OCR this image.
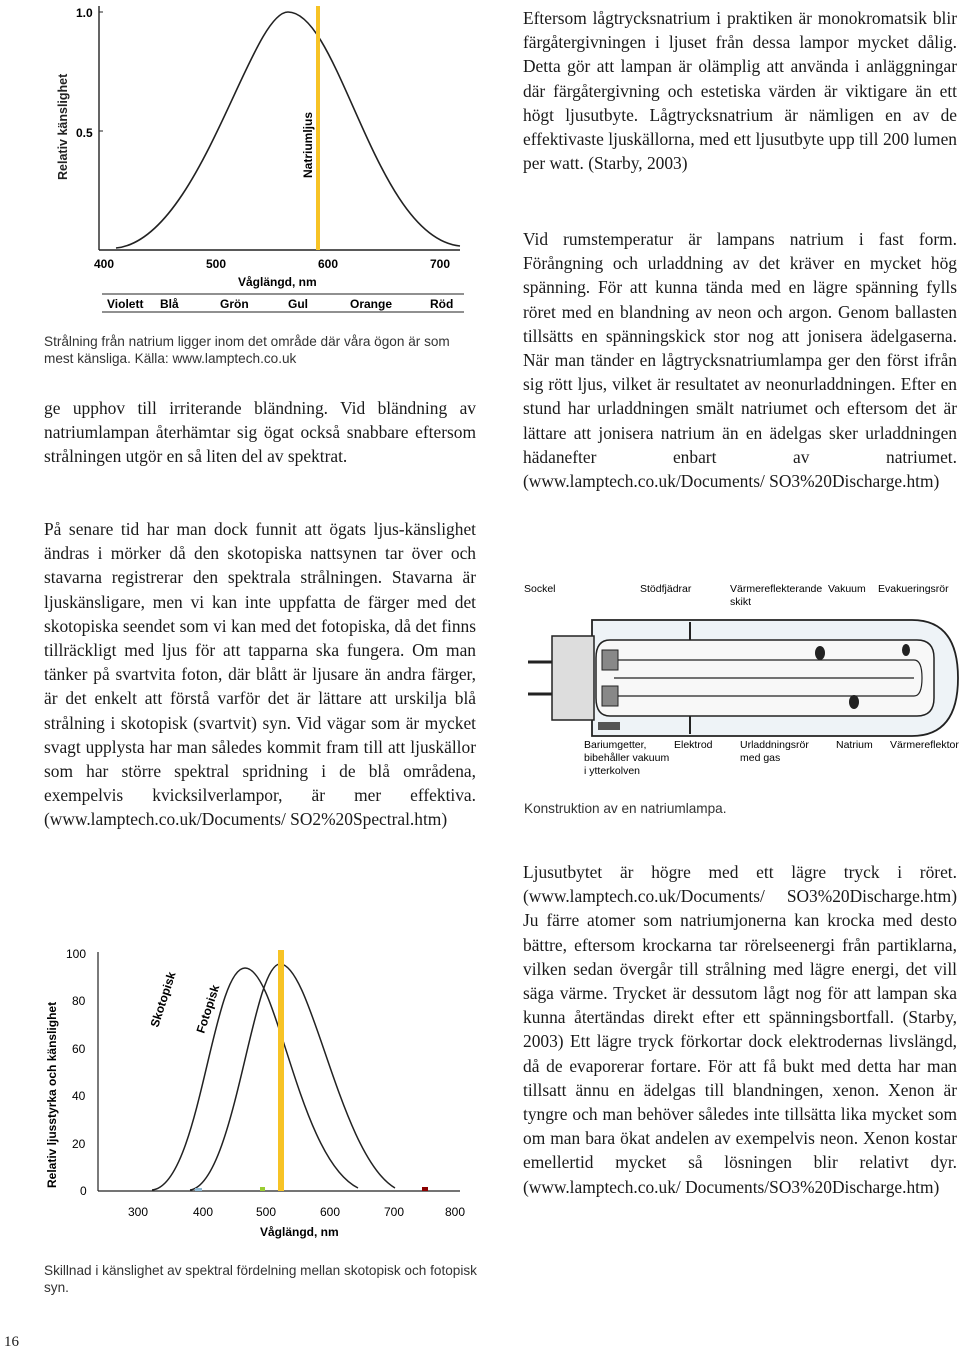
Relativ känslighet
1.0
0.5	Natriumljus
400	500	600	700
Våglängd, nm
Violett Blå	Grön	Gul	Orange	Röd

Strålning från natrium ligger inom det område där våra ögon är som mest känsliga. Källa: www.lamptech.co.uk

ge upphov till irriterande bländning. Vid bländning av natriumlampan återhämtar sig ögat också snabbare eftersom strålningen utgör en så liten del av spektrat.

På senare tid har man dock funnit att ögats ljus-känslighet ändras i mörker då den skotopiska nattsynen tar över och stavarna registrerar den spektrala strålningen. Stavarna är ljuskänsligare, men vi kan inte uppfatta de färger med det skotopiska seendet som vi kan med det fotopiska, då det finns tillräckligt med ljus för att tapparna ska fungera. Om man tänker på svartvita foton, där blått är ljusare än andra färger, är det enkelt att förstå varför det är lättare att urskilja blå strålning i skotopisk (svartvit) syn. Vid vägar som är mycket svagt upplysta har man således kommit fram till att ljuskällor som har större spektral spridning i de blå områdena, exempelvis kvicksilverlampor, är mer effektiva. (www.lamptech.co.uk/Documents/ SO2%20Spectral.htm)

Relativ ljusstyrka och känslighet
100
80
60
40
20
0
Skotopisk Fotopisk
300	400	500	600	700	800
Våglängd, nm

Skillnad i känslighet av spektral fördelning mellan skotopisk och fotopisk syn.

Eftersom lågtrycksnatrium i praktiken är monokromatsik blir färgåtergivningen i ljuset från dessa lampor mycket dålig. Detta gör att lampan är olämplig att använda i anläggningar där färgåtergivning och estetiska värden är viktigare än ett högt ljusutbyte. Lågtrycksnatrium är nämligen en av de effektivaste ljuskällorna, med ett ljusutbyte upp till 200 lumen per watt. (Starby, 2003)

Vid rumstemperatur är lampans natrium i fast form. Förångning och urladdning av det kräver en mycket hög spänning. För att kunna tända med en lägre spänning fylls röret med en blandning av neon och argon. Genom ballasten tillsätts en spänningskick stor nog att jonisera ädelgaserna. När man tänder en lågtrycksnatriumlampa ger den först ifrån sig rött ljus, vilket är resultatet av neonurladdningen. Efter en stund har urladdningen smält natriumet och eftersom det är lättare att jonisera natrium än en ädelgas sker urladdningen hädanefter enbart av natriumet.(www.lamptech.co.uk/Documents/ SO3%20Discharge.htm)

Sockel	Stödfjädrar	Värmereflekterande
skikt
Vakuum Evakueringsrör
Bariumgetter,
bibehåller vakuum
i ytterkolven
Elektrod	Urladdningsrör
med gas
Natrium Värmereflektor

Konstruktion av en natriumlampa.

Ljusutbytet är högre med ett lägre tryck i röret.(www.lamptech.co.uk/Documents/ SO3%20Discharge.htm) Ju färre atomer som natriumjonerna kan krocka med desto bättre, eftersom krockarna tar rörelseenergi från partiklarna, vilken sedan övergår till strålning med lägre energi, det vill säga värme. Trycket är dessutom lågt nog för att lampan ska kunna återtändas direkt efter ett spänningsbortfall. (Starby, 2003) Ett lägre tryck förkortar dock elektrodernas livslängd, då de evaporerar fortare. För att få bukt med detta har man tillsatt ännu en ädelgas till blandningen, xenon. Xenon är tyngre och man behöver således inte tillsätta lika mycket som om man bara ökat andelen av exempelvis neon. Xenon kostar emellertid mycket så lösningen blir relativt dyr. (www.lamptech.co.uk/ Documents/SO3%20Discharge.htm)

16
